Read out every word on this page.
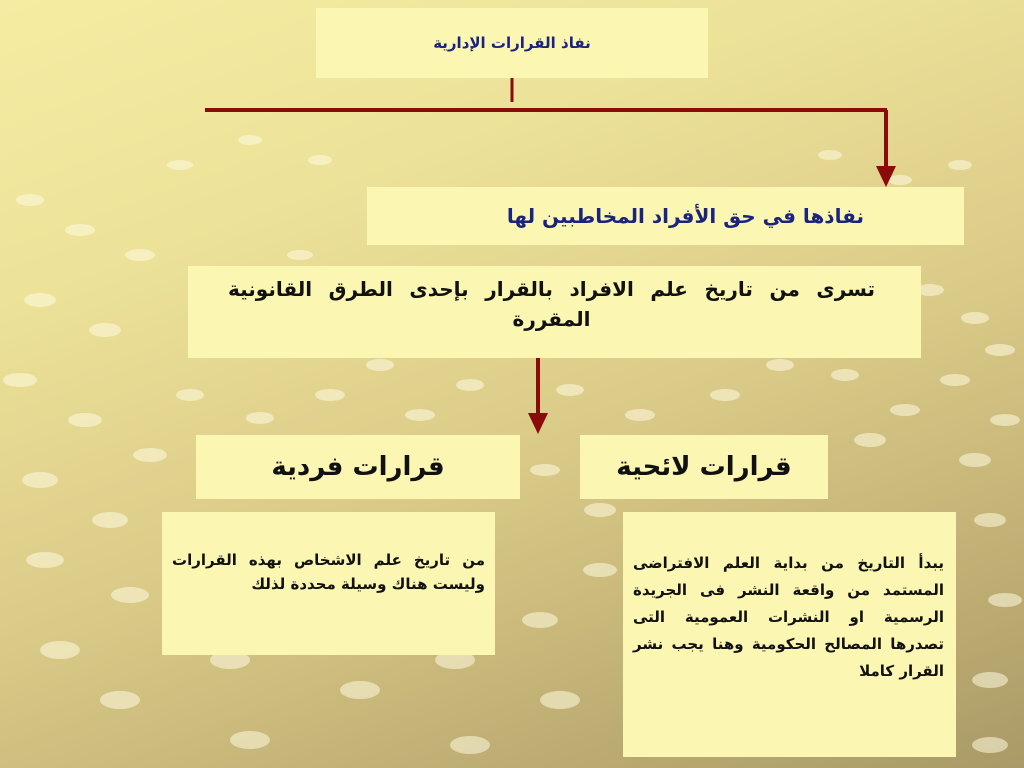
نفاذ القرارات الإدارية
نفاذها في حق الأفراد المخاطبين لها
تسرى من تاريخ علم الافراد بالقرار بإحدى الطرق القانونية المقررة
قرارات لائحية
قرارات فردية
يبدأ التاريخ من بداية العلم الافتراضى المستمد من واقعة النشر فى الجريدة الرسمية او النشرات العمومية التى تصدرها المصالح الحكومية وهنا يجب نشر القرار كاملا
من تاريخ علم الاشخاص بهذه القرارات وليست هناك وسيلة محددة لذلك
